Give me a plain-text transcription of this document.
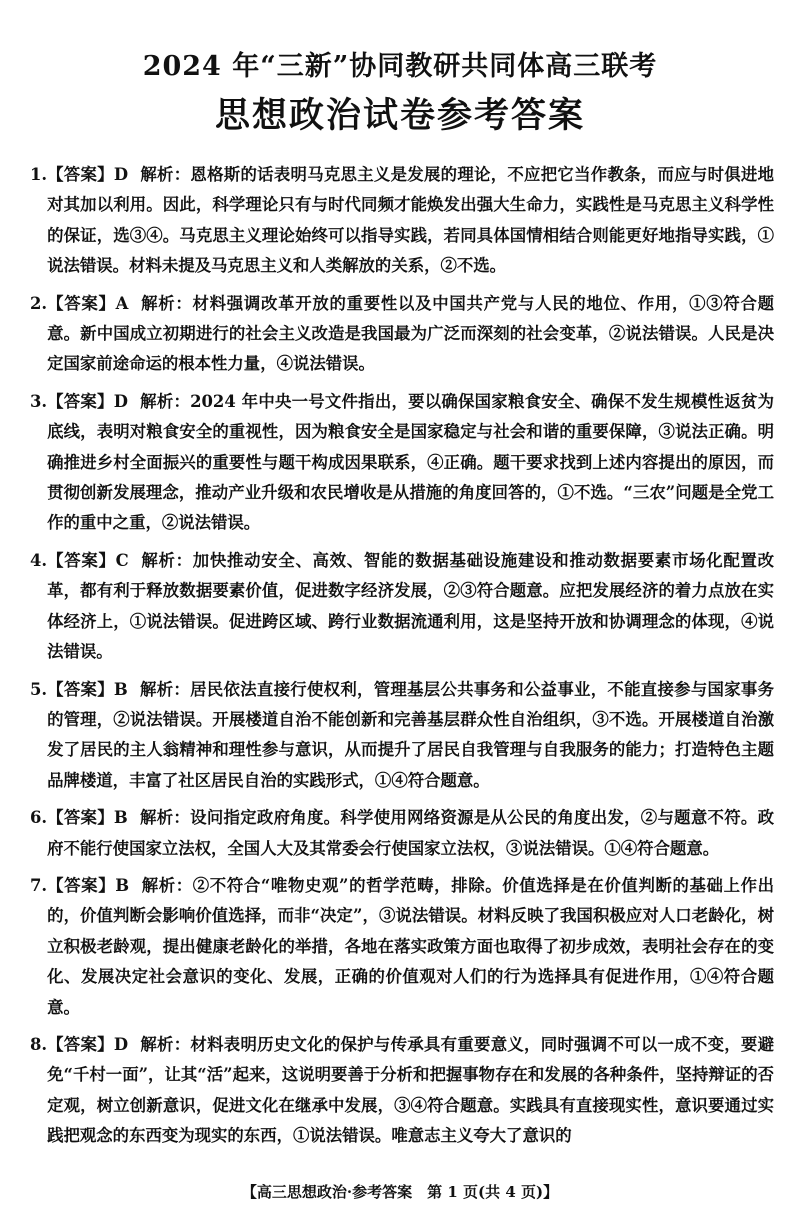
2024 年“三新”协同教研共同体高三联考
思想政治试卷参考答案
1. 【答案】D 解析：恩格斯的话表明马克思主义是发展的理论，不应把它当作教条，而应与时俱进地对其加以利用。因此，科学理论只有与时代同频才能焕发出强大生命力，实践性是马克思主义科学性的保证，选③④。马克思主义理论始终可以指导实践，若同具体国情相结合则能更好地指导实践，①说法错误。材料未提及马克思主义和人类解放的关系，②不选。
2. 【答案】A 解析：材料强调改革开放的重要性以及中国共产党与人民的地位、作用，①③符合题意。新中国成立初期进行的社会主义改造是我国最为广泛而深刻的社会变革，②说法错误。人民是决定国家前途命运的根本性力量，④说法错误。
3. 【答案】D 解析：2024 年中央一号文件指出，要以确保国家粮食安全、确保不发生规模性返贫为底线，表明对粮食安全的重视性，因为粮食安全是国家稳定与社会和谐的重要保障，③说法正确。明确推进乡村全面振兴的重要性与题干构成因果联系，④正确。题干要求找到上述内容提出的原因，而贯彻创新发展理念，推动产业升级和农民增收是从措施的角度回答的，①不选。“三农”问题是全党工作的重中之重，②说法错误。
4. 【答案】C 解析：加快推动安全、高效、智能的数据基础设施建设和推动数据要素市场化配置改革，都有利于释放数据要素价值，促进数字经济发展，②③符合题意。应把发展经济的着力点放在实体经济上，①说法错误。促进跨区域、跨行业数据流通利用，这是坚持开放和协调理念的体现，④说法错误。
5. 【答案】B 解析：居民依法直接行使权利，管理基层公共事务和公益事业，不能直接参与国家事务的管理，②说法错误。开展楼道自治不能创新和完善基层群众性自治组织，③不选。开展楼道自治激发了居民的主人翁精神和理性参与意识，从而提升了居民自我管理与自我服务的能力；打造特色主题品牌楼道，丰富了社区居民自治的实践形式，①④符合题意。
6. 【答案】B 解析：设问指定政府角度。科学使用网络资源是从公民的角度出发，②与题意不符。政府不能行使国家立法权，全国人大及其常委会行使国家立法权，③说法错误。①④符合题意。
7. 【答案】B 解析：②不符合“唯物史观”的哲学范畴，排除。价值选择是在价值判断的基础上作出的，价值判断会影响价值选择，而非“决定”，③说法错误。材料反映了我国积极应对人口老龄化，树立积极老龄观，提出健康老龄化的举措，各地在落实政策方面也取得了初步成效，表明社会存在的变化、发展决定社会意识的变化、发展，正确的价值观对人们的行为选择具有促进作用，①④符合题意。
8. 【答案】D 解析：材料表明历史文化的保护与传承具有重要意义，同时强调不可以一成不变，要避免“千村一面”，让其“活”起来，这说明要善于分析和把握事物存在和发展的各种条件，坚持辩证的否定观，树立创新意识，促进文化在继承中发展，③④符合题意。实践具有直接现实性，意识要通过实践把观念的东西变为现实的东西，①说法错误。唯意志主义夸大了意识的
【高三思想政治·参考答案　第 1 页(共 4 页)】
